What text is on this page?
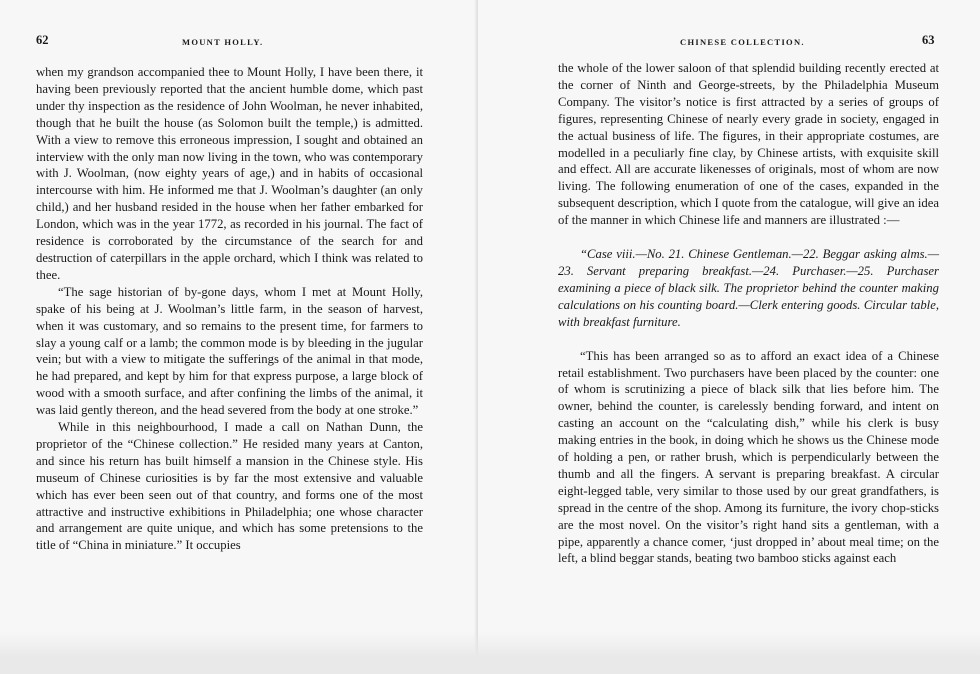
62	MOUNT HOLLY.

when my grandson accompanied thee to Mount Holly, I have been there, it having been previously reported that the ancient humble dome, which past under thy inspection as the residence of John Woolman, he never inhabited, though that he built the house (as Solomon built the temple,) is admitted. With a view to remove this erroneous impression, I sought and obtained an interview with the only man now living in the town, who was contemporary with J. Woolman, (now eighty years of age,) and in habits of occasional intercourse with him. He informed me that J. Woolman’s daughter (an only child,) and her husband resided in the house when her father embarked for London, which was in the year 1772, as recorded in his journal. The fact of residence is corroborated by the circumstance of the search for and destruction of caterpillars in the apple orchard, which I think was related to thee.

“The sage historian of by-gone days, whom I met at Mount Holly, spake of his being at J. Woolman’s little farm, in the season of harvest, when it was customary, and so remains to the present time, for farmers to slay a young calf or a lamb; the common mode is by bleeding in the jugular vein; but with a view to mitigate the sufferings of the animal in that mode, he had prepared, and kept by him for that express purpose, a large block of wood with a smooth surface, and after confining the limbs of the animal, it was laid gently thereon, and the head severed from the body at one stroke.”

While in this neighbourhood, I made a call on Nathan Dunn, the proprietor of the “Chinese collection.” He resided many years at Canton, and since his return has built himself a mansion in the Chinese style. His museum of Chinese curiosities is by far the most extensive and valuable which has ever been seen out of that country, and forms one of the most attractive and instructive exhibitions in Philadelphia; one whose character and arrangement are quite unique, and which has some pretensions to the title of “China in miniature.” It occupies

CHINESE COLLECTION.	63

the whole of the lower saloon of that splendid building recently erected at the corner of Ninth and George-streets, by the Philadelphia Museum Company. The visitor’s notice is first attracted by a series of groups of figures, representing Chinese of nearly every grade in society, engaged in the actual business of life. The figures, in their appropriate costumes, are modelled in a peculiarly fine clay, by Chinese artists, with exquisite skill and effect. All are accurate likenesses of originals, most of whom are now living. The following enumeration of one of the cases, expanded in the subsequent description, which I quote from the catalogue, will give an idea of the manner in which Chinese life and manners are illustrated :—

“Case viii.—No. 21. Chinese Gentleman.—22. Beggar asking alms.—23. Servant preparing breakfast.—24. Purchaser.—25. Purchaser examining a piece of black silk. The proprietor behind the counter making calculations on his counting board.—Clerk entering goods. Circular table, with breakfast furniture.

“This has been arranged so as to afford an exact idea of a Chinese retail establishment. Two purchasers have been placed by the counter: one of whom is scrutinizing a piece of black silk that lies before him. The owner, behind the counter, is carelessly bending forward, and intent on casting an account on the “calculating dish,” while his clerk is busy making entries in the book, in doing which he shows us the Chinese mode of holding a pen, or rather brush, which is perpendicularly between the thumb and all the fingers. A servant is preparing breakfast. A circular eight-legged table, very similar to those used by our great grandfathers, is spread in the centre of the shop. Among its furniture, the ivory chop-sticks are the most novel. On the visitor’s right hand sits a gentleman, with a pipe, apparently a chance comer, ‘just dropped in’ about meal time; on the left, a blind beggar stands, beating two bamboo sticks against each
